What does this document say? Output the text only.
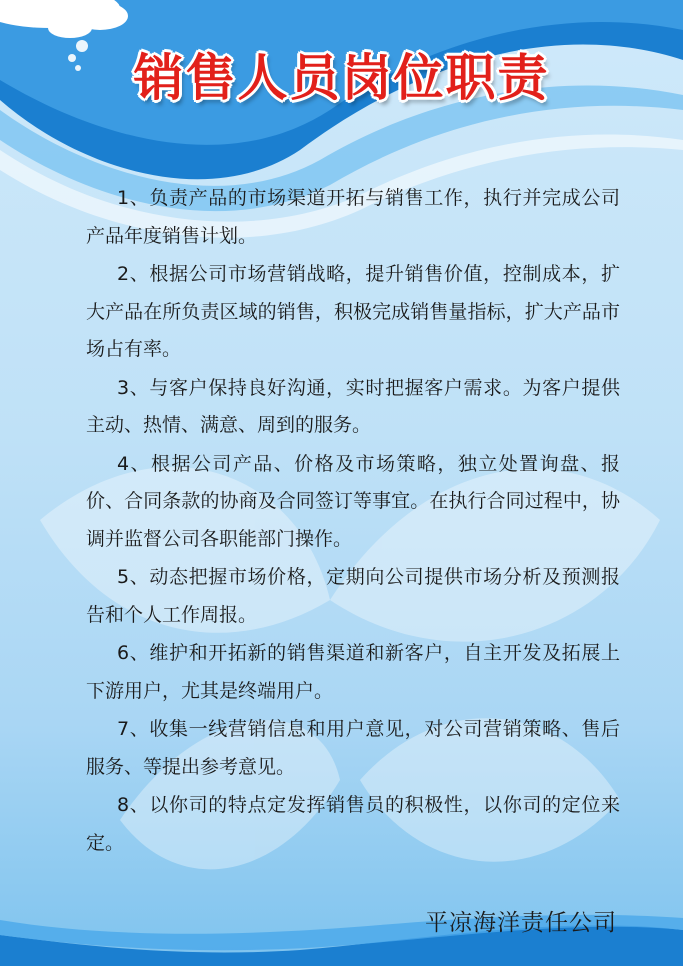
销售人员岗位职责

1、负责产品的市场渠道开拓与销售工作，执行并完成公司产品年度销售计划。

2、根据公司市场营销战略，提升销售价值，控制成本，扩大产品在所负责区域的销售，积极完成销售量指标，扩大产品市场占有率。

3、与客户保持良好沟通，实时把握客户需求。为客户提供主动、热情、满意、周到的服务。

4、根据公司产品、价格及市场策略，独立处置询盘、报价、合同条款的协商及合同签订等事宜。在执行合同过程中，协调并监督公司各职能部门操作。

5、动态把握市场价格，定期向公司提供市场分析及预测报告和个人工作周报。

6、维护和开拓新的销售渠道和新客户，自主开发及拓展上下游用户，尤其是终端用户。

7、收集一线营销信息和用户意见，对公司营销策略、售后服务、等提出参考意见。

8、以你司的特点定发挥销售员的积极性，以你司的定位来定。

平凉海洋责任公司
